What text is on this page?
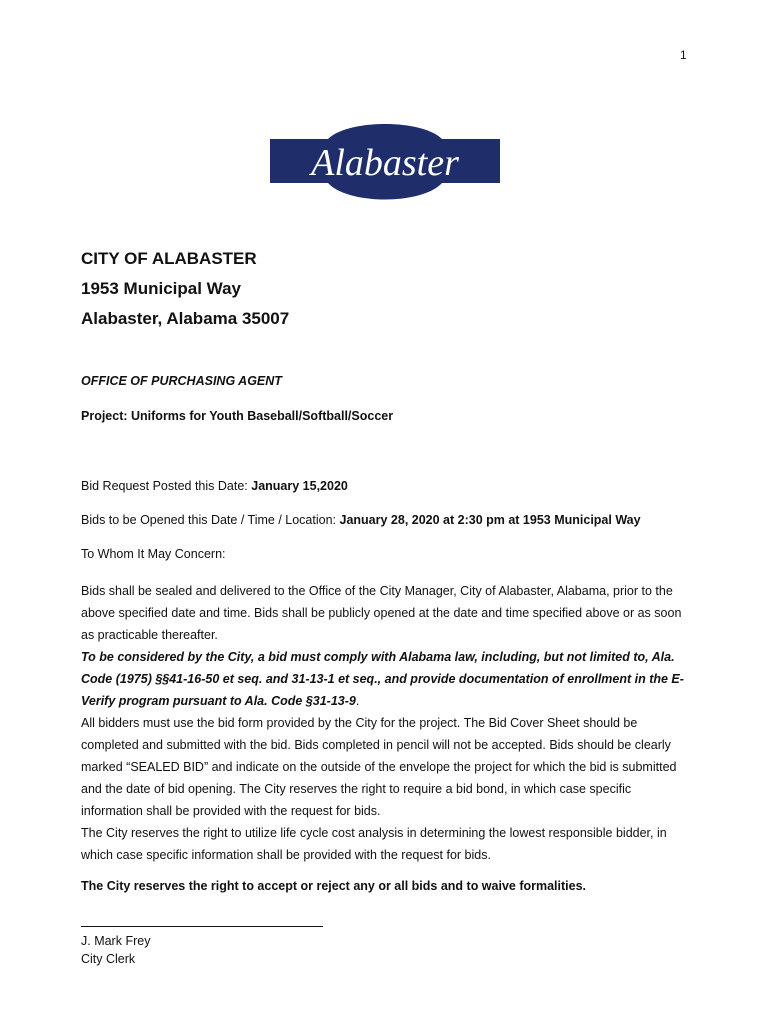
1
Alabaster
CITY OF ALABASTER
1953 Municipal Way
Alabaster, Alabama 35007
OFFICE OF PURCHASING AGENT
Project: Uniforms for Youth Baseball/Softball/Soccer
Bid Request Posted this Date: January 15,2020
Bids to be Opened this Date / Time / Location: January 28, 2020 at 2:30 pm at 1953 Municipal Way
To Whom It May Concern:

Bids shall be sealed and delivered to the Office of the City Manager, City of Alabaster, Alabama, prior to the above specified date and time. Bids shall be publicly opened at the date and time specified above or as soon as practicable thereafter.

To be considered by the City, a bid must comply with Alabama law, including, but not limited to, Ala. Code (1975) §§41-16-50 et seq. and 31-13-1 et seq., and provide documentation of enrollment in the E-Verify program pursuant to Ala. Code §31-13-9.

All bidders must use the bid form provided by the City for the project. The Bid Cover Sheet should be completed and submitted with the bid. Bids completed in pencil will not be accepted. Bids should be clearly marked “SEALED BID” and indicate on the outside of the envelope the project for which the bid is submitted and the date of bid opening. The City reserves the right to require a bid bond, in which case specific information shall be provided with the request for bids.

The City reserves the right to utilize life cycle cost analysis in determining the lowest responsible bidder, in which case specific information shall be provided with the request for bids.

The City reserves the right to accept or reject any or all bids and to waive formalities.
J. Mark Frey
City Clerk
